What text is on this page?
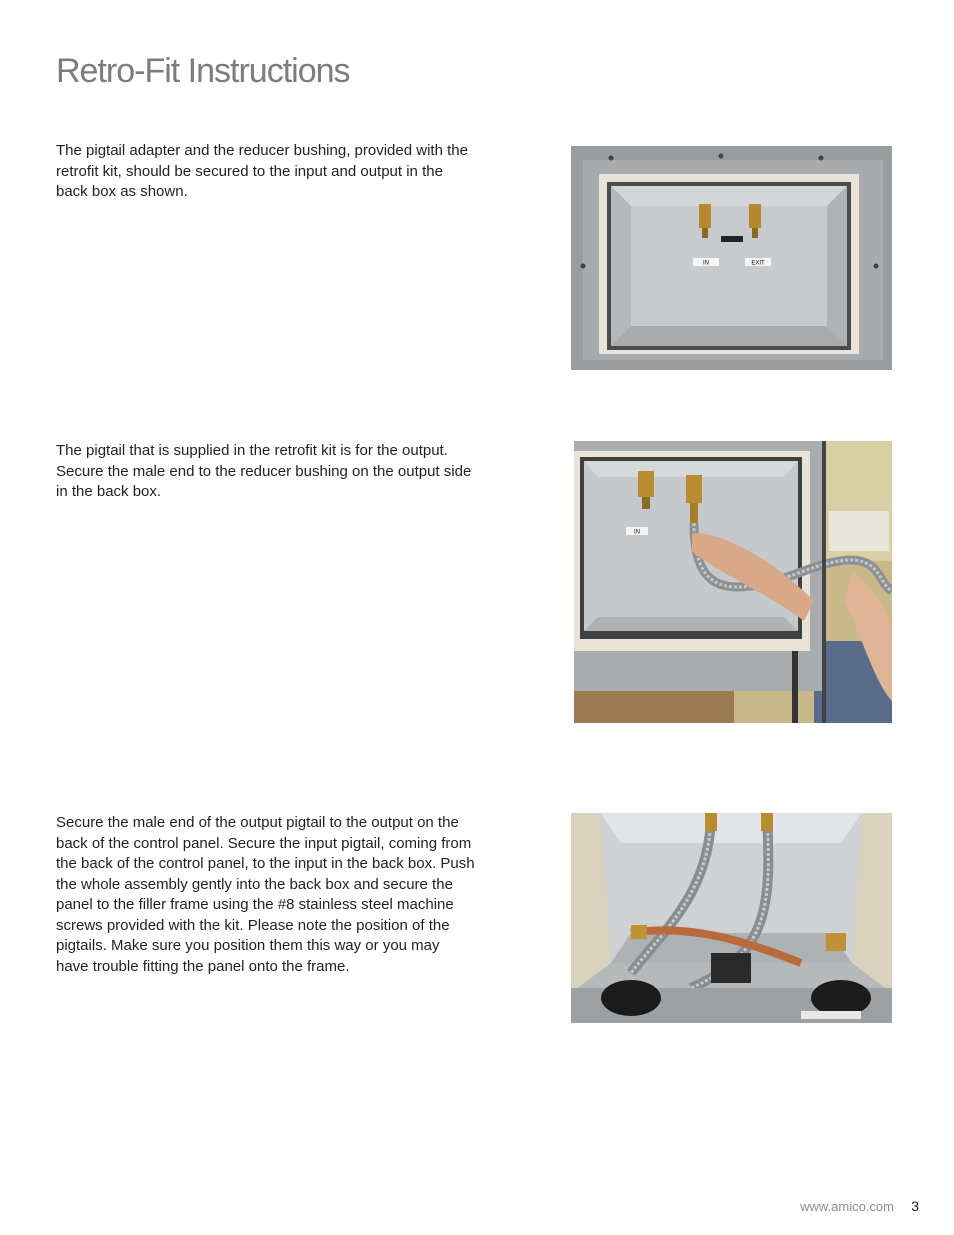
Retro-Fit Instructions

The pigtail adapter and the reducer bushing, provided with the retrofit kit, should be secured to the input and output in the back box as shown.

IN	EXIT

The pigtail that is supplied in the retrofit kit is for the output. Secure the male end to the reducer bushing on the output side in the back box.

IN

Secure the male end of the output pigtail to the output on the back of the control panel. Secure the input pigtail, coming from the back of the control panel, to the input in the back box. Push the whole assembly gently into the back box and secure the panel to the filler frame using the #8 stainless steel machine screws provided with the kit. Please note the position of the pigtails. Make sure you position them this way or you may have trouble fitting the panel onto the frame.

www.amico.com 3
